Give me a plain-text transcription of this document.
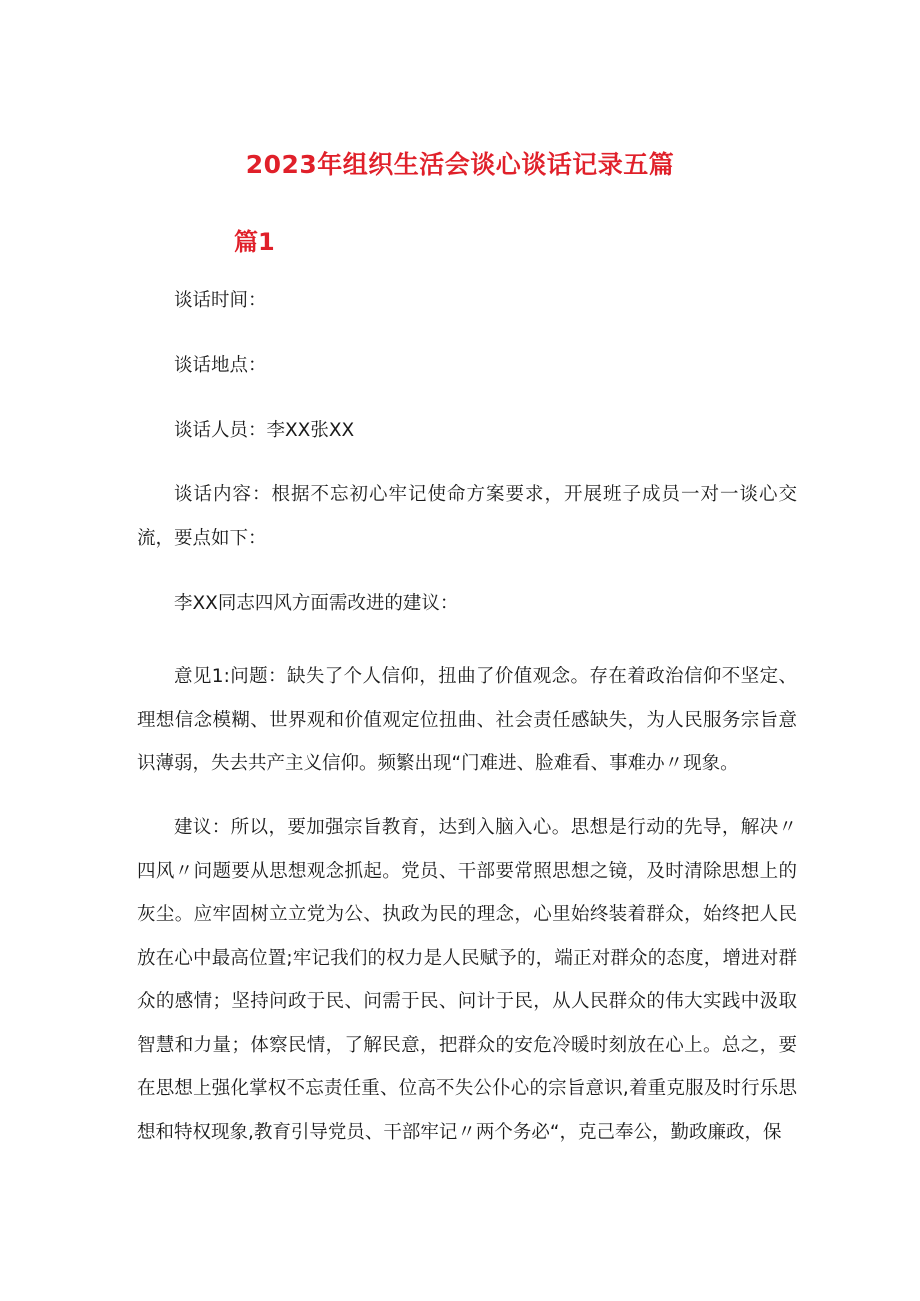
2023年组织生活会谈心谈话记录五篇
篇1
谈话时间：
谈话地点：
谈话人员：李XX张XX

谈话内容：根据不忘初心牢记使命方案要求，开展班子成员一对一谈心交流，要点如下：

李XX同志四风方面需改进的建议：

意见1:问题：缺失了个人信仰，扭曲了价值观念。存在着政治信仰不坚定、理想信念模糊、世界观和价值观定位扭曲、社会责任感缺失，为人民服务宗旨意识薄弱，失去共产主义信仰。频繁出现“门难进、脸难看、事难办〃现象。

建议：所以，要加强宗旨教育，达到入脑入心。思想是行动的先导，解决〃四风〃问题要从思想观念抓起。党员、干部要常照思想之镜，及时清除思想上的灰尘。应牢固树立立党为公、执政为民的理念，心里始终装着群众，始终把人民放在心中最高位置;牢记我们的权力是人民赋予的，端正对群众的态度，增进对群众的感情；坚持问政于民、问需于民、问计于民，从人民群众的伟大实践中汲取智慧和力量；体察民情，了解民意，把群众的安危冷暖时刻放在心上。总之，要在思想上强化掌权不忘责任重、位高不失公仆心的宗旨意识,着重克服及时行乐思想和特权现象,教育引导党员、干部牢记〃两个务必“，克己奉公，勤政廉政，保
